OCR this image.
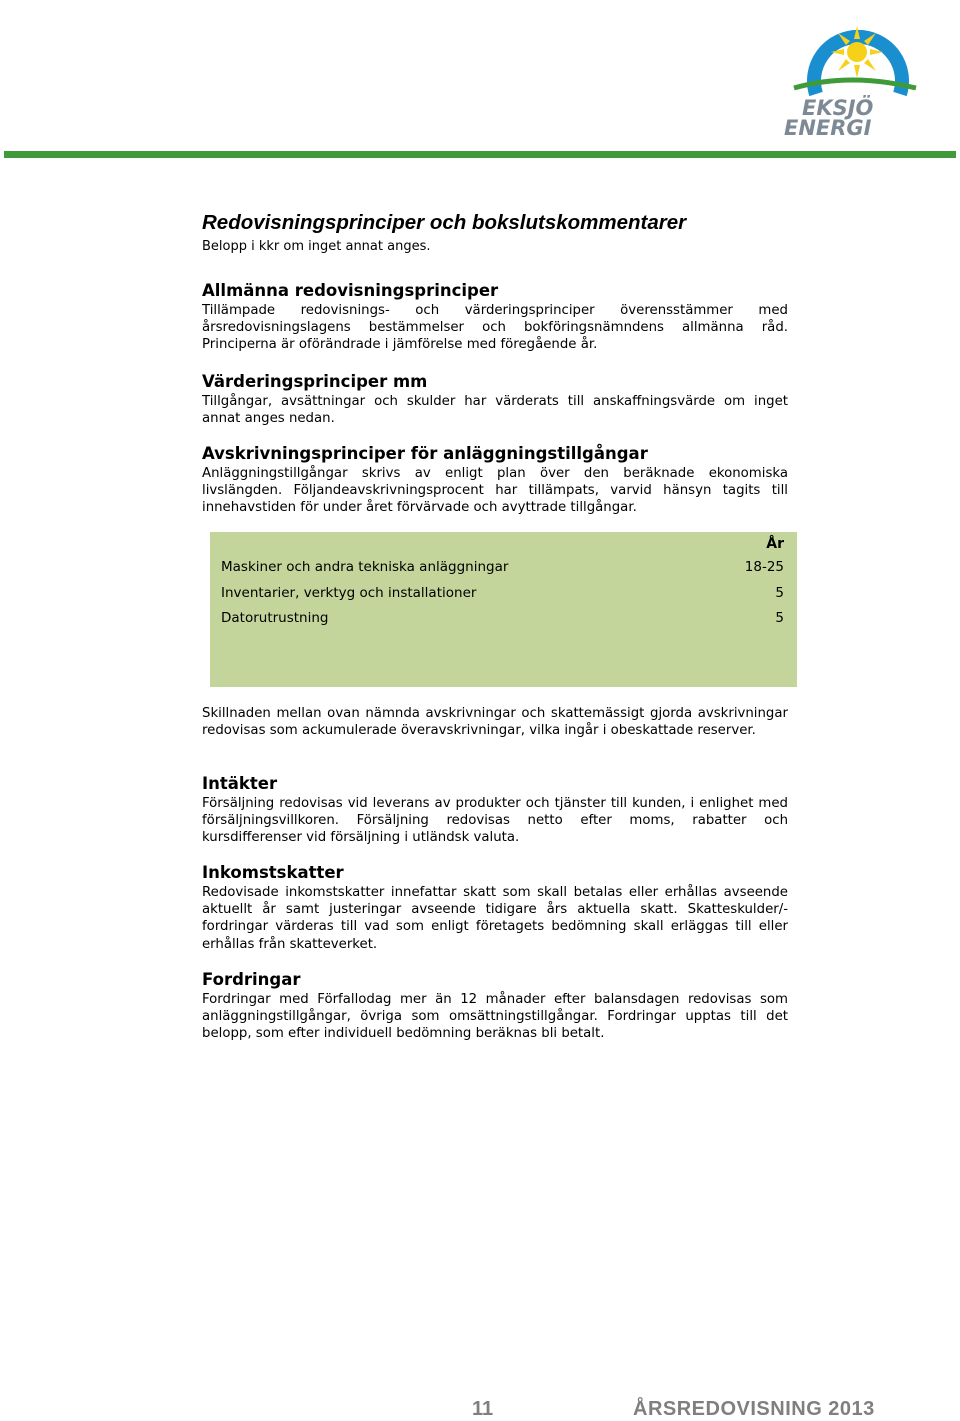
EKSJÖ
ENERGI
Redovisningsprinciper och bokslutskommentarer

Belopp i kkr om inget annat anges.

Allmänna redovisningsprinciper

Tillämpade redovisnings- och värderingsprinciper överensstämmer med årsredovisningslagens bestämmelser och bokföringsnämndens allmänna råd. Principerna är oförändrade i jämförelse med föregående år.

Värderingsprinciper mm

Tillgångar, avsättningar och skulder har värderats till anskaffningsvärde om inget annat anges nedan.

Avskrivningsprinciper för anläggningstillgångar

Anläggningstillgångar skrivs av enligt plan över den beräknade ekonomiska livslängden. Följandeavskrivningsprocent har tillämpats, varvid hänsyn tagits till innehavstiden för under året förvärvade och avyttrade tillgångar.

År
Maskiner och andra tekniska anläggningar	18-25
Inventarier, verktyg och installationer	5
Datorutrustning	5

Skillnaden mellan ovan nämnda avskrivningar och skattemässigt gjorda avskrivningar redovisas som ackumulerade överavskrivningar, vilka ingår i obeskattade reserver.

Intäkter

Försäljning redovisas vid leverans av produkter och tjänster till kunden, i enlighet med försäljningsvillkoren. Försäljning redovisas netto efter moms, rabatter och kursdifferenser vid försäljning i utländsk valuta.

Inkomstskatter

Redovisade inkomstskatter innefattar skatt som skall betalas eller erhållas avseende aktuellt år samt justeringar avseende tidigare års aktuella skatt. Skatteskulder/-fordringar värderas till vad som enligt företagets bedömning skall erläggas till eller erhållas från skatteverket.

Fordringar

Fordringar med Förfallodag mer än 12 månader efter balansdagen redovisas som anläggningstillgångar, övriga som omsättningstillgångar. Fordringar upptas till det belopp, som efter individuell bedömning beräknas bli betalt.

11	ÅRSREDOVISNING 2013
